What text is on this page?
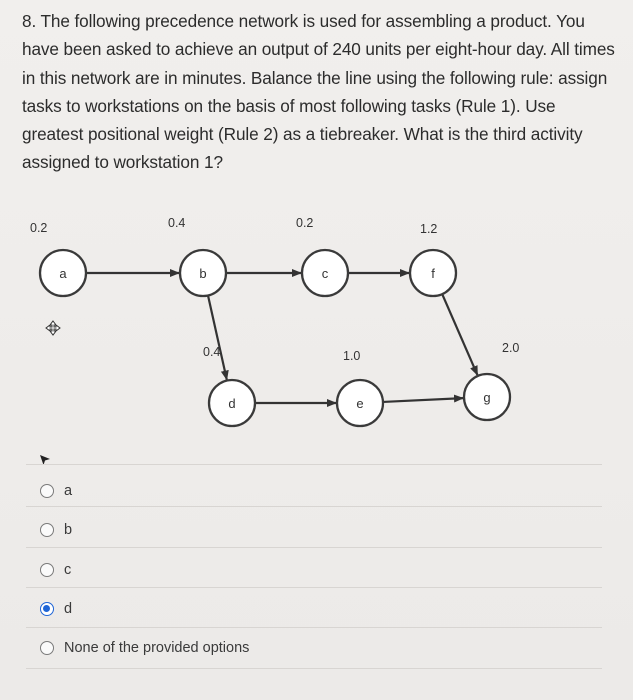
8. The following precedence network is used for assembling a product. You have been asked to achieve an output of 240 units per eight-hour day. All times in this network are in minutes. Balance the line using the following rule: assign tasks to workstations on the basis of most following tasks (Rule 1). Use greatest positional weight (Rule 2) as a tiebreaker. What is the third activity assigned to workstation 1?
a
0.2
b
0.4
c
0.2
f
1.2
d
0.4
e
1.0
g
2.0
a
b
c
d
None of the provided options
